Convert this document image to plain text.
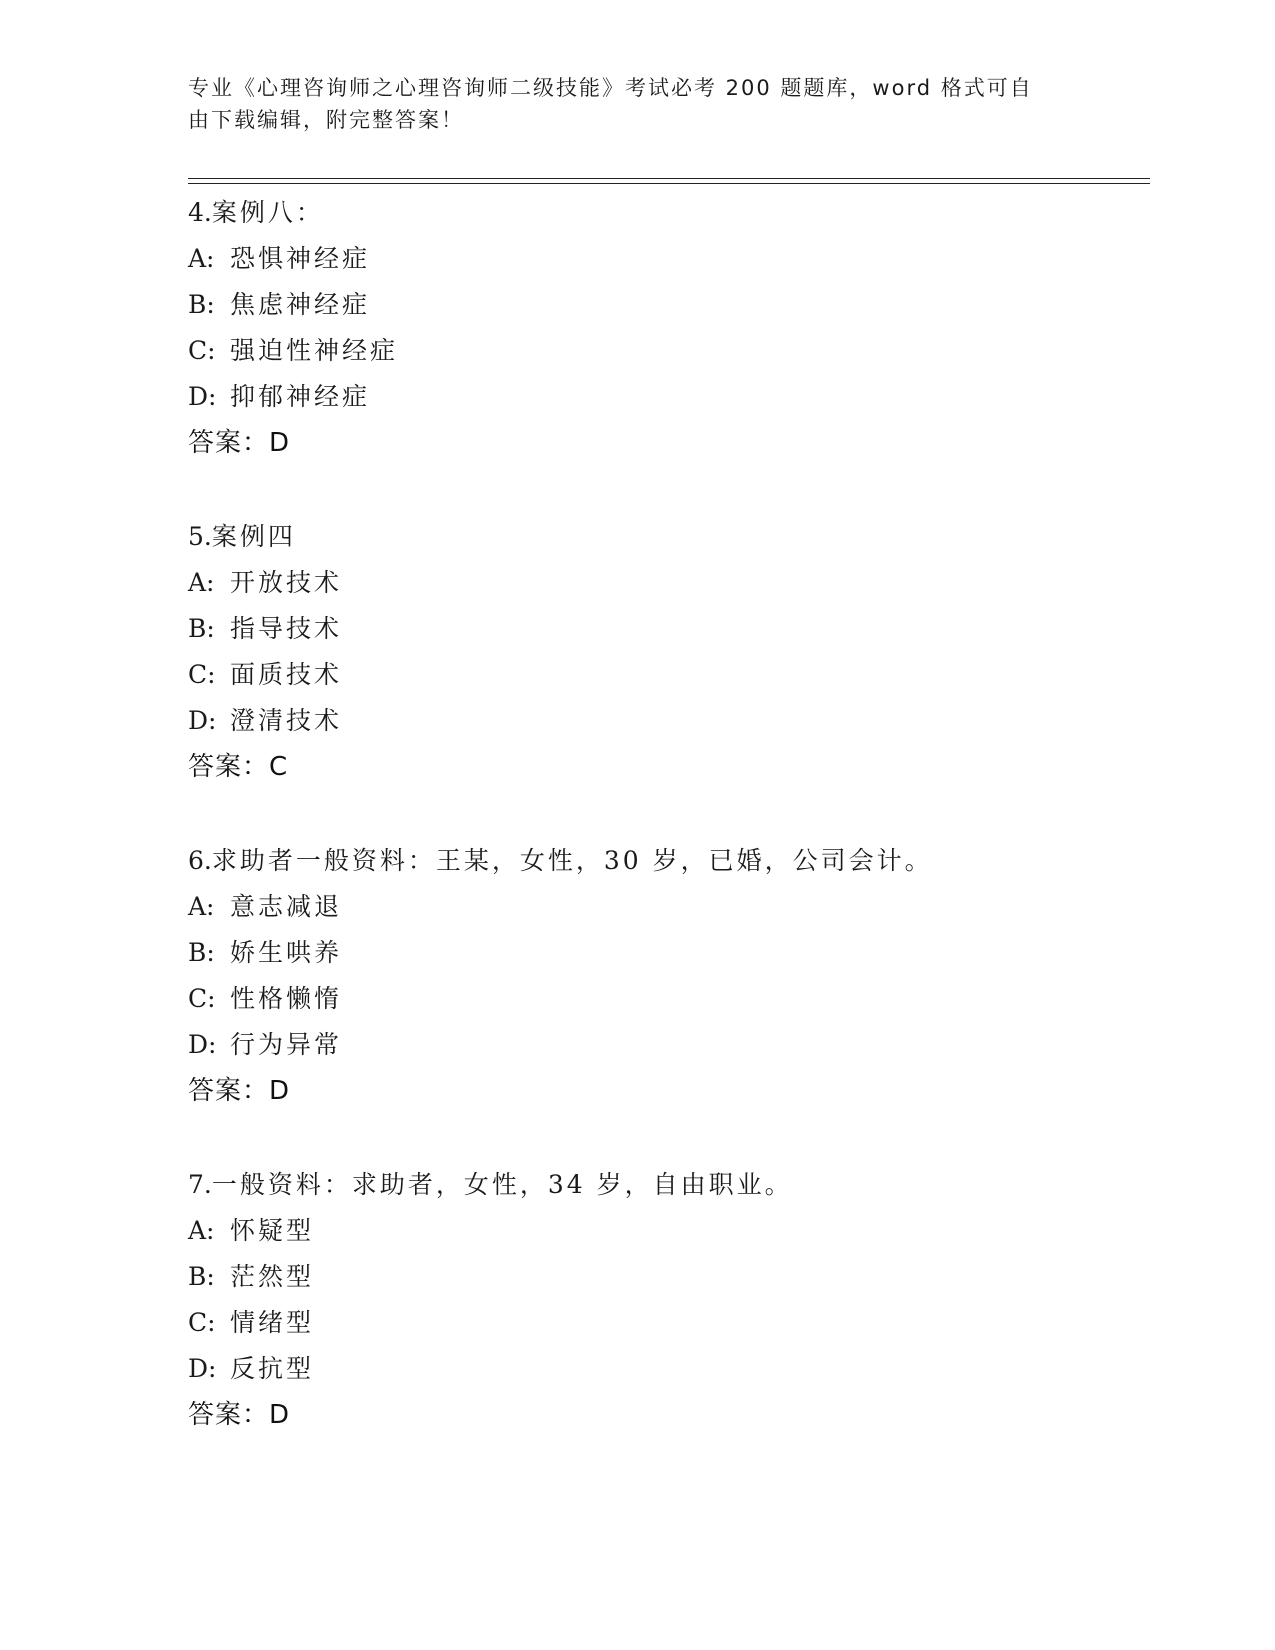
专业《心理咨询师之心理咨询师二级技能》考试必考 200 题题库，word 格式可自
由下载编辑，附完整答案！
4.案例八：
A: 恐惧神经症
B: 焦虑神经症
C: 强迫性神经症
D: 抑郁神经症
答案：D
5.案例四
A: 开放技术
B: 指导技术
C: 面质技术
D: 澄清技术
答案：C
6.求助者一般资料：王某，女性，30 岁，已婚，公司会计。
A: 意志减退
B: 娇生哄养
C: 性格懒惰
D: 行为异常
答案：D
7.一般资料：求助者，女性，34 岁，自由职业。
A: 怀疑型
B: 茫然型
C: 情绪型
D: 反抗型
答案：D
